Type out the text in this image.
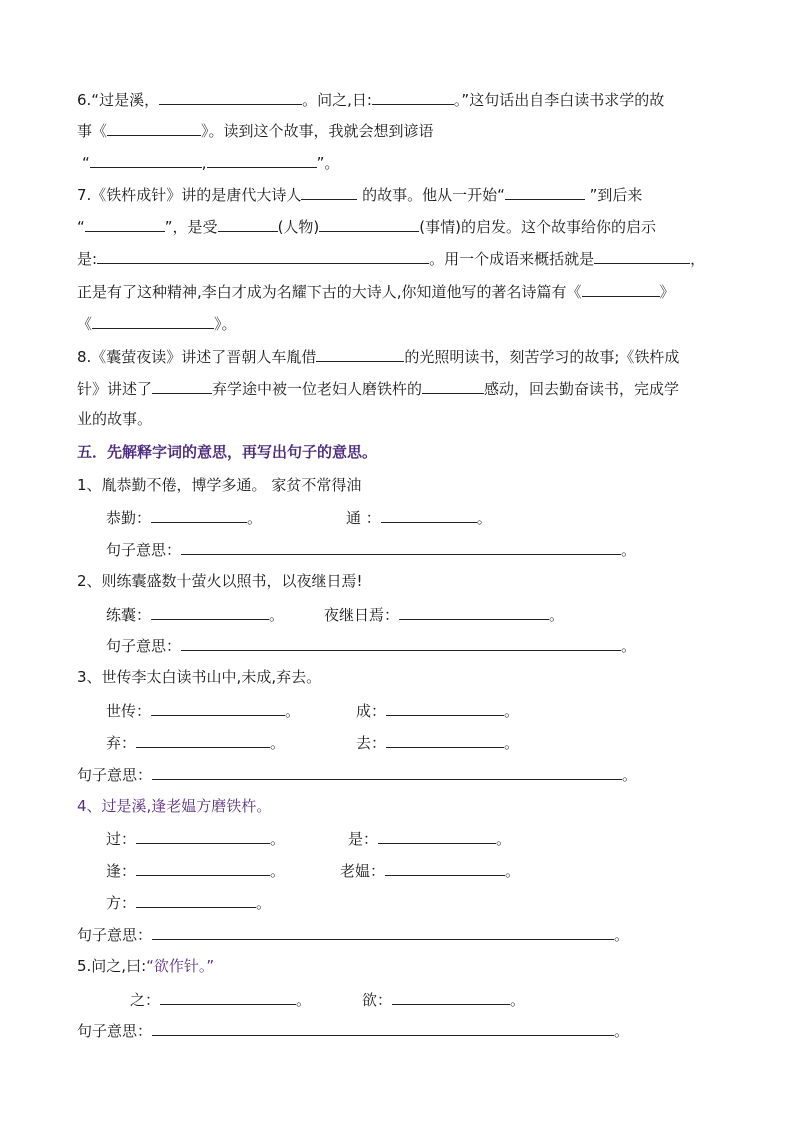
6.“过是溪，	。问之,日:	。”这句话出自李白读书求学的故
事《	》。读到这个故事，我就会想到谚语
“	,	”。
7.《铁杵成针》讲的是唐代大诗人	的故事。他从一开始“	”到后来
“	”，是受	(人物)	(事情)的启发。这个故事给你的启示
是:	。用一个成语来概括就是	，
正是有了这种精神,李白才成为名耀下古的大诗人,你知道他写的著名诗篇有《	》
《	》。
8.《囊萤夜读》讲述了晋朝人车胤借	的光照明读书，刻苦学习的故事;《铁杵成
针》讲述了	弃学途中被一位老妇人磨铁杵的	感动，回去勤奋读书，完成学
业的故事。
五．先解释字词的意思，再写出句子的意思。
1、胤恭勤不倦，博学多通。 家贫不常得油
恭勤：	。	通 ：	。
句子意思：	。
2、则练囊盛数十萤火以照书，以夜继日焉!
练囊：	。	夜继日焉：	。
句子意思：	。
3、世传李太白读书山中,未成,弃去。
世传：	。	成：	。
弃：	。	去：	。
句子意思：	。
4、过是溪,逢老媪方磨铁杵。
过：	。	是：	。
逢：	。	老媪：	。
方：	。
句子意思：	。
5.问之,曰:“欲作针。”
之：	。	欲：	。
句子意思：	。
